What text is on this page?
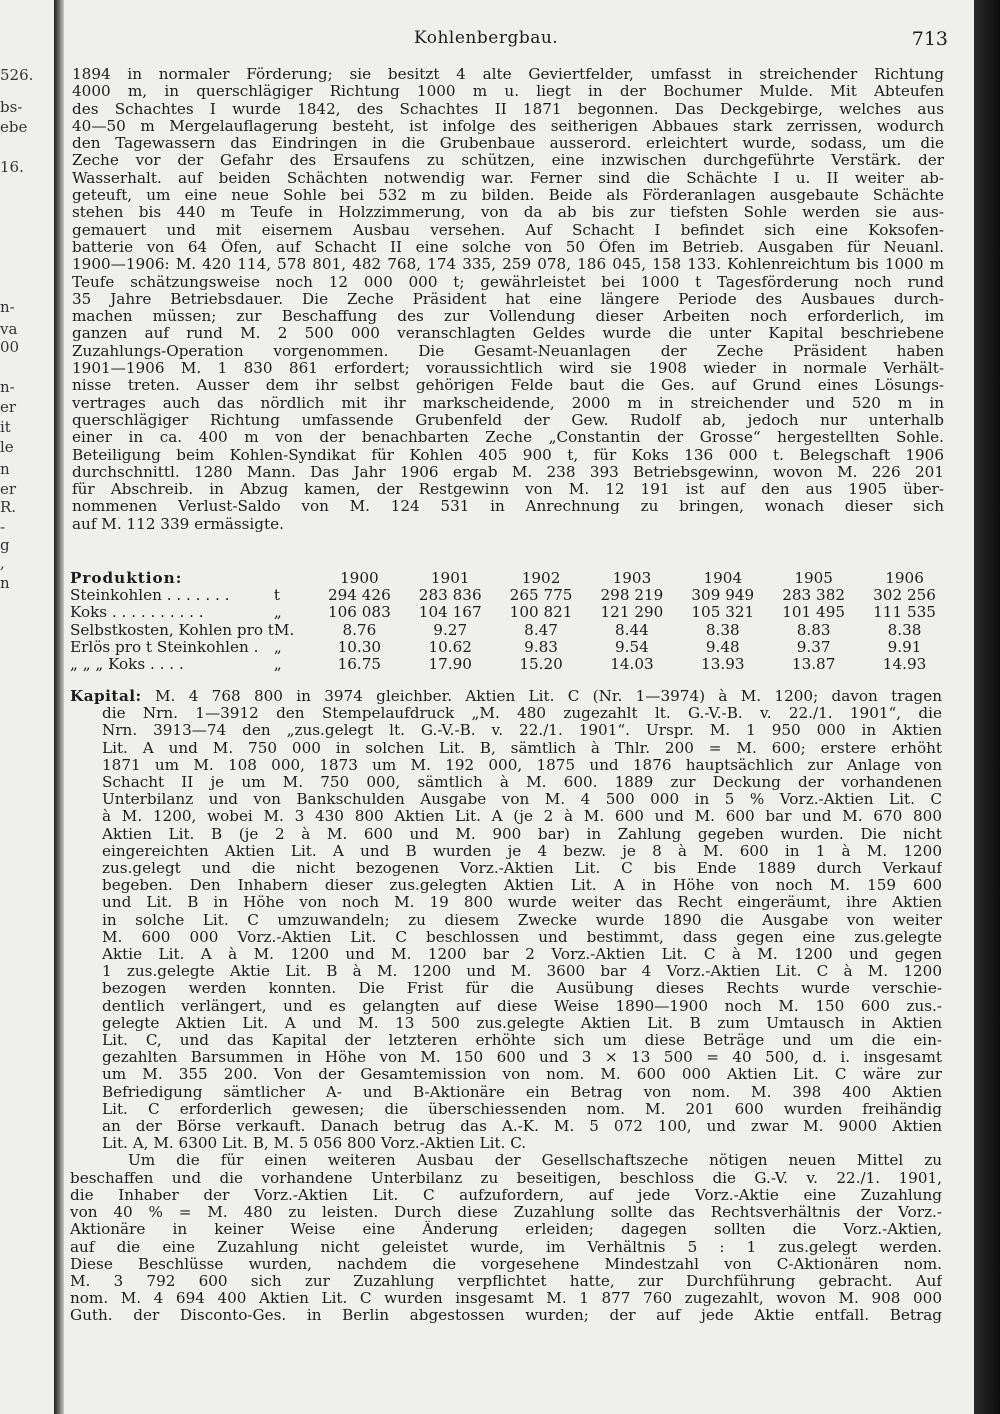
526.
bs-
ebe
16.
n-
va
00
n-
er
it
le
n
er
R.
-
g
,
n
Kohlenbergbau.	713
1894 in normaler Förderung; sie besitzt 4 alte Geviertfelder, umfasst in streichender Richtung
4000 m, in querschlägiger Richtung 1000 m u. liegt in der Bochumer Mulde. Mit Abteufen
des Schachtes I wurde 1842, des Schachtes II 1871 begonnen. Das Deckgebirge, welches aus
40—50 m Mergelauflagerung besteht, ist infolge des seitherigen Abbaues stark zerrissen, wodurch
den Tagewassern das Eindringen in die Grubenbaue ausserord. erleichtert wurde, sodass, um die
Zeche vor der Gefahr des Ersaufens zu schützen, eine inzwischen durchgeführte Verstärk. der
Wasserhalt. auf beiden Schächten notwendig war. Ferner sind die Schächte I u. II weiter ab-
geteuft, um eine neue Sohle bei 532 m zu bilden. Beide als Förderanlagen ausgebaute Schächte
stehen bis 440 m Teufe in Holzzimmerung, von da ab bis zur tiefsten Sohle werden sie aus-
gemauert und mit eisernem Ausbau versehen. Auf Schacht I befindet sich eine Koksofen-
batterie von 64 Öfen, auf Schacht II eine solche von 50 Öfen im Betrieb. Ausgaben für Neuanl.
1900—1906: M. 420 114, 578 801, 482 768, 174 335, 259 078, 186 045, 158 133. Kohlenreichtum bis 1000 m
Teufe schätzungsweise noch 12 000 000 t; gewährleistet bei 1000 t Tagesförderung noch rund
35 Jahre Betriebsdauer. Die Zeche Präsident hat eine längere Periode des Ausbaues durch-
machen müssen; zur Beschaffung des zur Vollendung dieser Arbeiten noch erforderlich, im
ganzen auf rund M. 2 500 000 veranschlagten Geldes wurde die unter Kapital beschriebene
Zuzahlungs-Operation vorgenommen. Die Gesamt-Neuanlagen der Zeche Präsident haben
1901—1906 M. 1 830 861 erfordert; voraussichtlich wird sie 1908 wieder in normale Verhält-
nisse treten. Ausser dem ihr selbst gehörigen Felde baut die Ges. auf Grund eines Lösungs-
vertrages auch das nördlich mit ihr markscheidende, 2000 m in streichender und 520 m in
querschlägiger Richtung umfassende Grubenfeld der Gew. Rudolf ab, jedoch nur unterhalb
einer in ca. 400 m von der benachbarten Zeche „Constantin der Grosse“ hergestellten Sohle.
Beteiligung beim Kohlen-Syndikat für Kohlen 405 900 t, für Koks 136 000 t. Belegschaft 1906
durchschnittl. 1280 Mann. Das Jahr 1906 ergab M. 238 393 Betriebsgewinn, wovon M. 226 201
für Abschreib. in Abzug kamen, der Restgewinn von M. 12 191 ist auf den aus 1905 über-
nommenen Verlust-Saldo von M. 124 531 in Anrechnung zu bringen, wonach dieser sich
auf M. 112 339 ermässigte.
Produktion:		1900	1901	1902	1903	1904	1905	1906
Steinkohlen . . . . . . .	t	294 426	283 836	265 775	298 219	309 949	283 382	302 256
Koks . . . . . . . . . .	„	106 083	104 167	100 821	121 290	105 321	101 495	111 535
Selbstkosten, Kohlen pro t	M.	8.76	9.27	8.47	8.44	8.38	8.83	8.38
Erlös pro t Steinkohlen .	„	10.30	10.62	9.83	9.54	9.48	9.37	9.91
„ „ „ Koks . . . .	„	16.75	17.90	15.20	14.03	13.93	13.87	14.93
Kapital: M. 4 768 800 in 3974 gleichber. Aktien Lit. C (Nr. 1—3974) à M. 1200; davon tragen
die Nrn. 1—3912 den Stempelaufdruck „M. 480 zugezahlt lt. G.-V.-B. v. 22./1. 1901“, die
Nrn. 3913—74 den „zus.gelegt lt. G.-V.-B. v. 22./1. 1901“. Urspr. M. 1 950 000 in Aktien
Lit. A und M. 750 000 in solchen Lit. B, sämtlich à Thlr. 200 = M. 600; erstere erhöht
1871 um M. 108 000, 1873 um M. 192 000, 1875 und 1876 hauptsächlich zur Anlage von
Schacht II je um M. 750 000, sämtlich à M. 600. 1889 zur Deckung der vorhandenen
Unterbilanz und von Bankschulden Ausgabe von M. 4 500 000 in 5 % Vorz.-Aktien Lit. C
à M. 1200, wobei M. 3 430 800 Aktien Lit. A (je 2 à M. 600 und M. 600 bar und M. 670 800
Aktien Lit. B (je 2 à M. 600 und M. 900 bar) in Zahlung gegeben wurden. Die nicht
eingereichten Aktien Lit. A und B wurden je 4 bezw. je 8 à M. 600 in 1 à M. 1200
zus.gelegt und die nicht bezogenen Vorz.-Aktien Lit. C bis Ende 1889 durch Verkauf
begeben. Den Inhabern dieser zus.gelegten Aktien Lit. A in Höhe von noch M. 159 600
und Lit. B in Höhe von noch M. 19 800 wurde weiter das Recht eingeräumt, ihre Aktien
in solche Lit. C umzuwandeln; zu diesem Zwecke wurde 1890 die Ausgabe von weiter
M. 600 000 Vorz.-Aktien Lit. C beschlossen und bestimmt, dass gegen eine zus.gelegte
Aktie Lit. A à M. 1200 und M. 1200 bar 2 Vorz.-Aktien Lit. C à M. 1200 und gegen
1 zus.gelegte Aktie Lit. B à M. 1200 und M. 3600 bar 4 Vorz.-Aktien Lit. C à M. 1200
bezogen werden konnten. Die Frist für die Ausübung dieses Rechts wurde verschie-
dentlich verlängert, und es gelangten auf diese Weise 1890—1900 noch M. 150 600 zus.-
gelegte Aktien Lit. A und M. 13 500 zus.gelegte Aktien Lit. B zum Umtausch in Aktien
Lit. C, und das Kapital der letzteren erhöhte sich um diese Beträge und um die ein-
gezahlten Barsummen in Höhe von M. 150 600 und 3 × 13 500 = 40 500, d. i. insgesamt
um M. 355 200. Von der Gesamtemission von nom. M. 600 000 Aktien Lit. C wäre zur
Befriedigung sämtlicher A- und B-Aktionäre ein Betrag von nom. M. 398 400 Aktien
Lit. C erforderlich gewesen; die überschiessenden nom. M. 201 600 wurden freihändig
an der Börse verkauft. Danach betrug das A.-K. M. 5 072 100, und zwar M. 9000 Aktien
Lit. A, M. 6300 Lit. B, M. 5 056 800 Vorz.-Aktien Lit. C.
Um die für einen weiteren Ausbau der Gesellschaftszeche nötigen neuen Mittel zu
beschaffen und die vorhandene Unterbilanz zu beseitigen, beschloss die G.-V. v. 22./1. 1901,
die Inhaber der Vorz.-Aktien Lit. C aufzufordern, auf jede Vorz.-Aktie eine Zuzahlung
von 40 % = M. 480 zu leisten. Durch diese Zuzahlung sollte das Rechtsverhältnis der Vorz.-
Aktionäre in keiner Weise eine Änderung erleiden; dagegen sollten die Vorz.-Aktien,
auf die eine Zuzahlung nicht geleistet wurde, im Verhältnis 5 : 1 zus.gelegt werden.
Diese Beschlüsse wurden, nachdem die vorgesehene Mindestzahl von C-Aktionären nom.
M. 3 792 600 sich zur Zuzahlung verpflichtet hatte, zur Durchführung gebracht. Auf
nom. M. 4 694 400 Aktien Lit. C wurden insgesamt M. 1 877 760 zugezahlt, wovon M. 908 000
Guth. der Disconto-Ges. in Berlin abgestossen wurden; der auf jede Aktie entfall. Betrag
